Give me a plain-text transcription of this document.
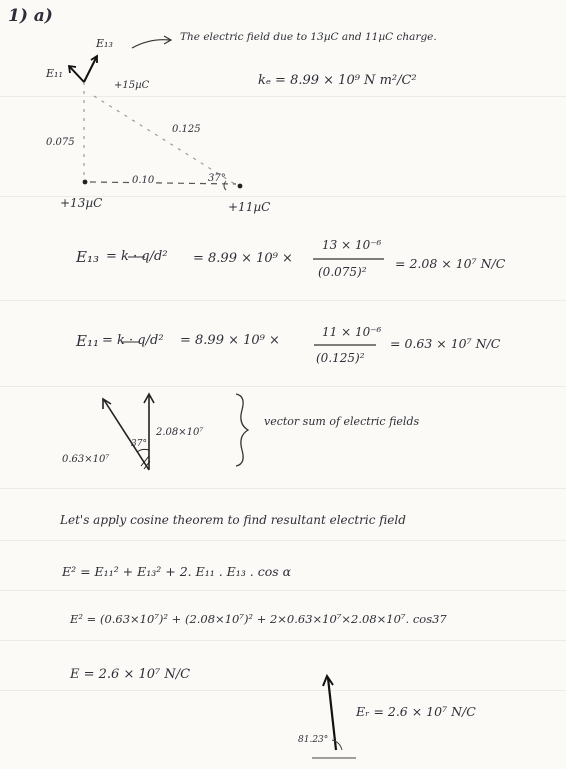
1) a)
The electric field due to 13µC and 11µC charge.
kₑ = 8.99 × 10⁹ N m²/C²
E₁₃
E₁₁
+15µC
0.075
0.125
0.10	37°
+13µC	+11µC
E₁₃ = k · q/d² = 8.99 × 10⁹ ×
13 × 10⁻⁶
(0.075)²
= 2.08 × 10⁷ N/C
E₁₁ = k · q/d² = 8.99 × 10⁹ ×
11 × 10⁻⁶
(0.125)²
= 0.63 × 10⁷ N/C
2.08×10⁷
0.63×10⁷
37°
vector sum of electric fields
Let's apply cosine theorem to find resultant electric field
E² = E₁₁² + E₁₃² + 2. E₁₁ . E₁₃ . cos α
E² = (0.63×10⁷)² + (2.08×10⁷)² + 2×0.63×10⁷×2.08×10⁷. cos37
E = 2.6 × 10⁷ N/C
Eᵣ = 2.6 × 10⁷ N/C
81.23°
